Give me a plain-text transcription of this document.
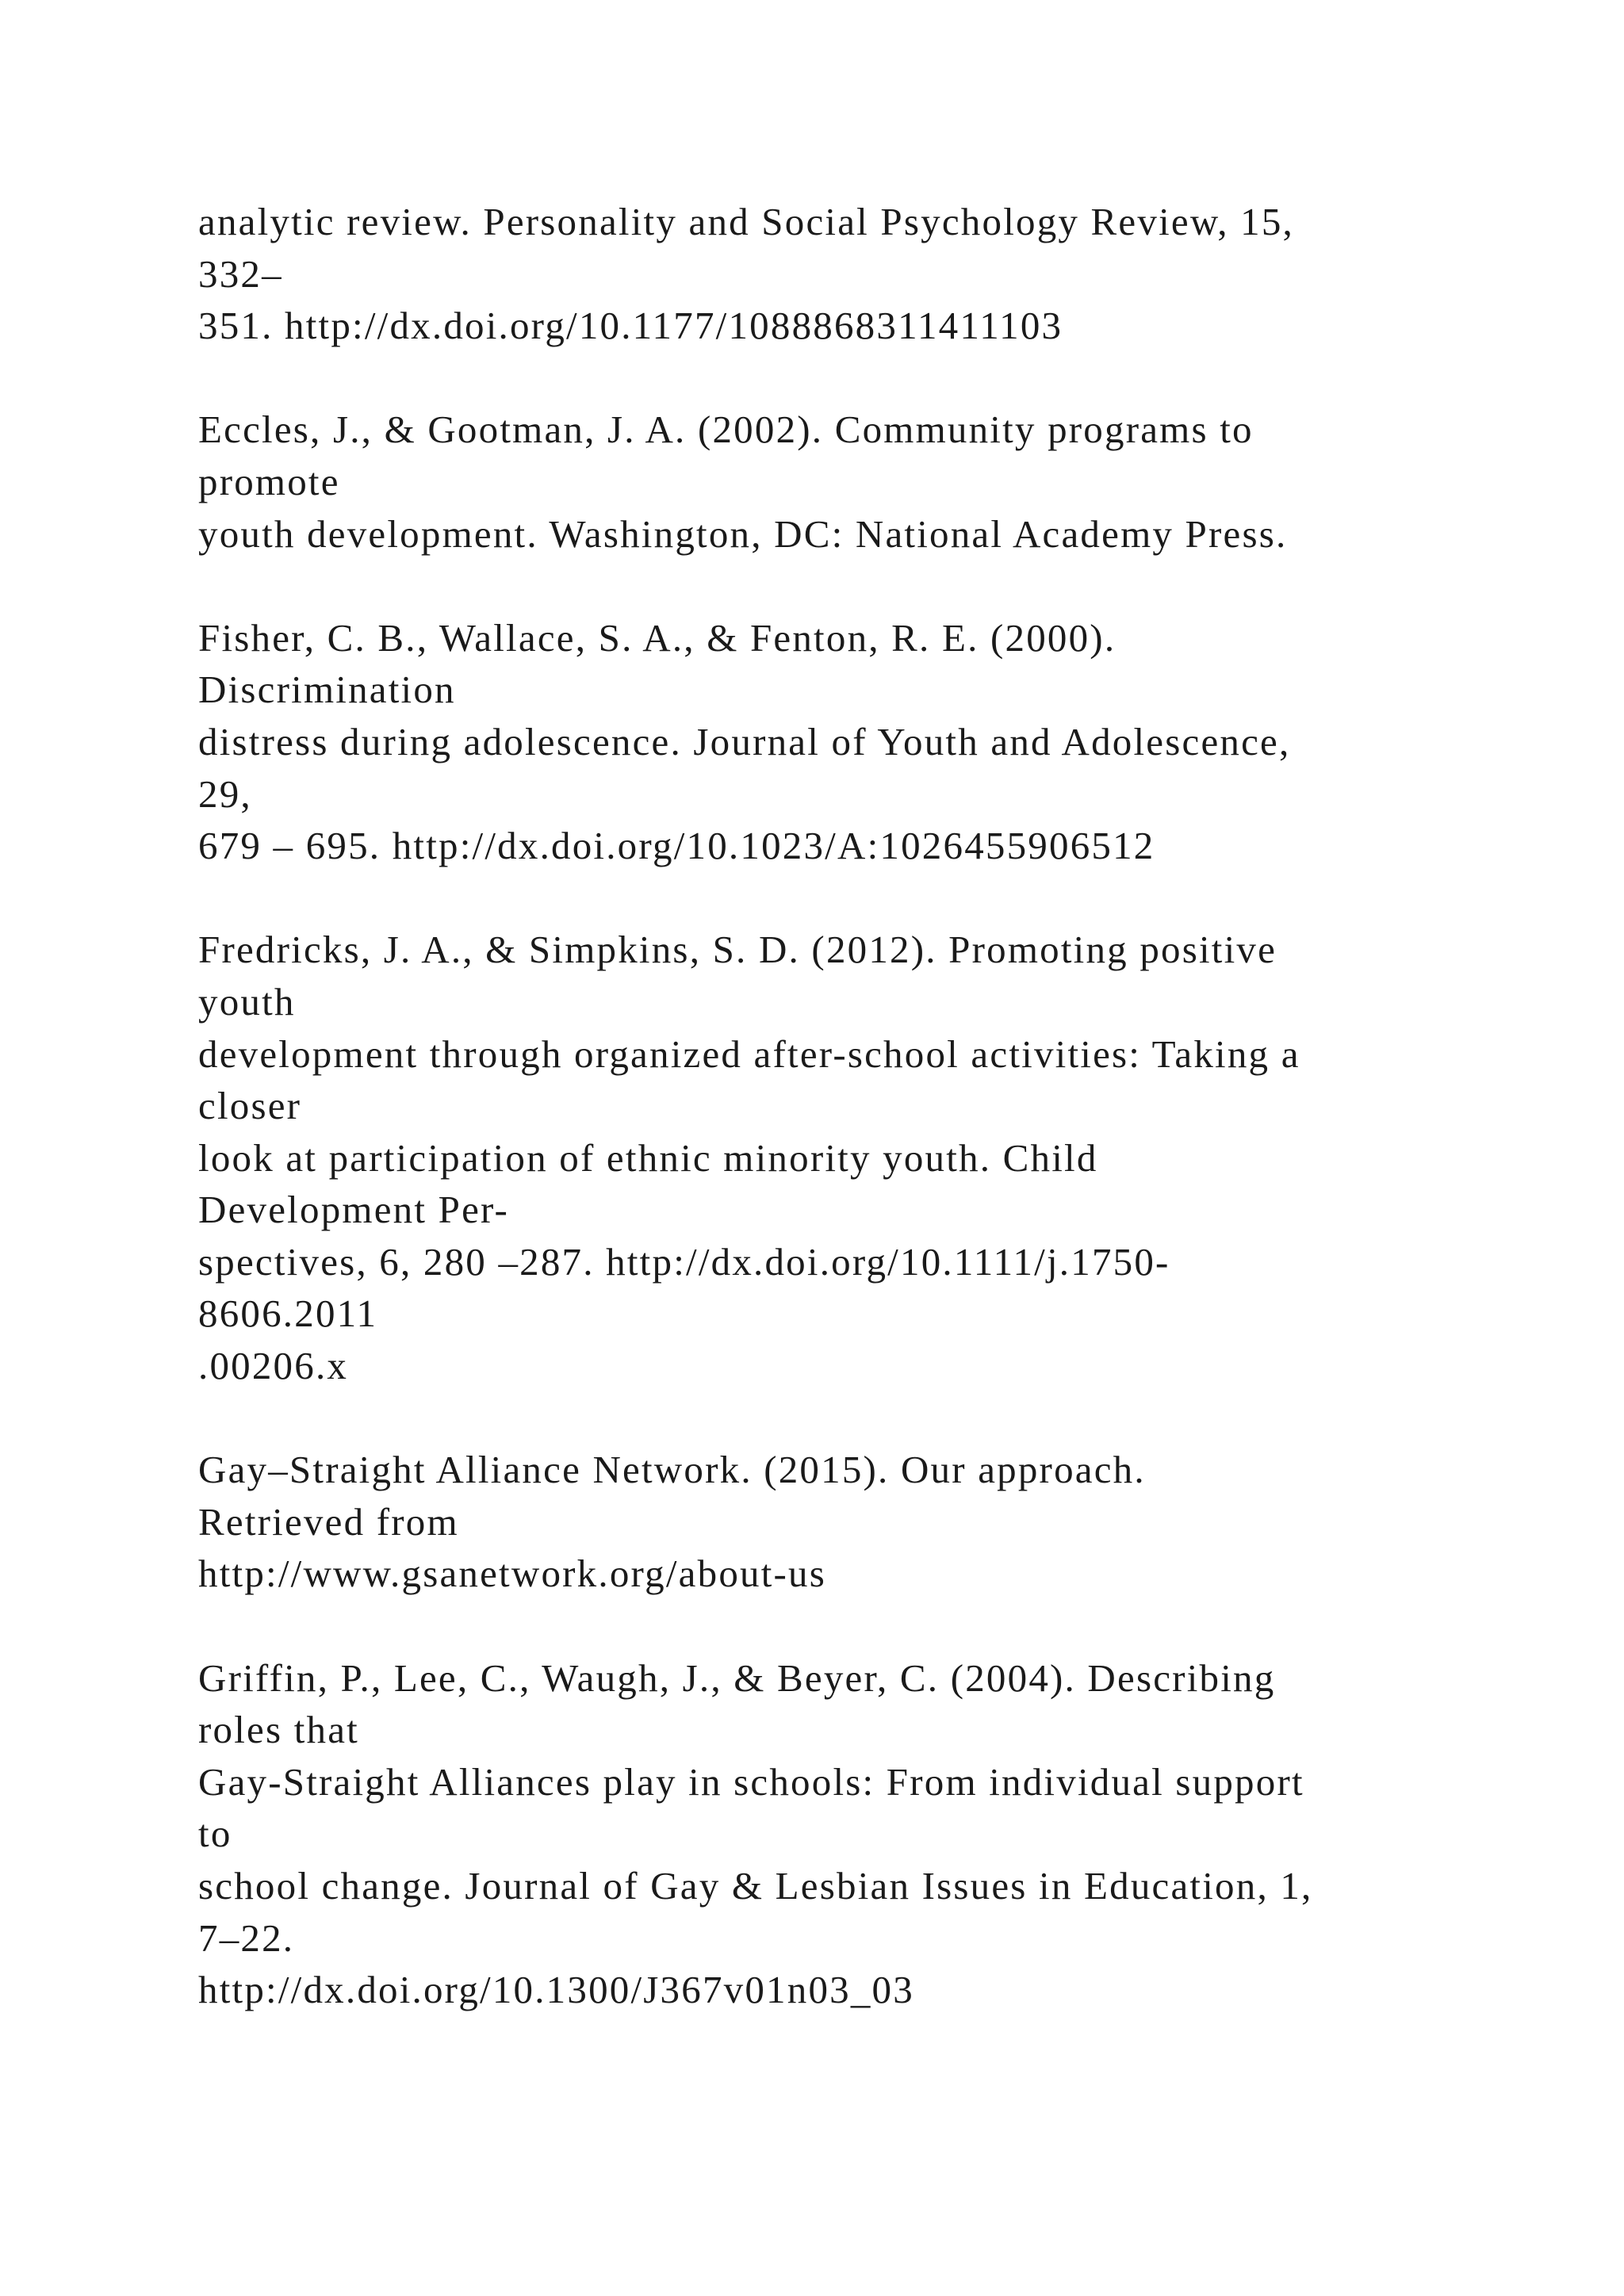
analytic review. Personality and Social Psychology Review, 15,
332–
351. http://dx.doi.org/10.1177/1088868311411103
Eccles, J., & Gootman, J. A. (2002). Community programs to
promote
youth development. Washington, DC: National Academy Press.
Fisher, C. B., Wallace, S. A., & Fenton, R. E. (2000).
Discrimination
distress during adolescence. Journal of Youth and Adolescence,
29,
679 – 695. http://dx.doi.org/10.1023/A:1026455906512
Fredricks, J. A., & Simpkins, S. D. (2012). Promoting positive
youth
development through organized after-school activities: Taking a
closer
look at participation of ethnic minority youth. Child
Development Per-
spectives, 6, 280 –287. http://dx.doi.org/10.1111/j.1750-
8606.2011
.00206.x
Gay–Straight Alliance Network. (2015). Our approach.
Retrieved from
http://www.gsanetwork.org/about-us
Griffin, P., Lee, C., Waugh, J., & Beyer, C. (2004). Describing
roles that
Gay-Straight Alliances play in schools: From individual support
to
school change. Journal of Gay & Lesbian Issues in Education, 1,
7–22.
http://dx.doi.org/10.1300/J367v01n03_03
